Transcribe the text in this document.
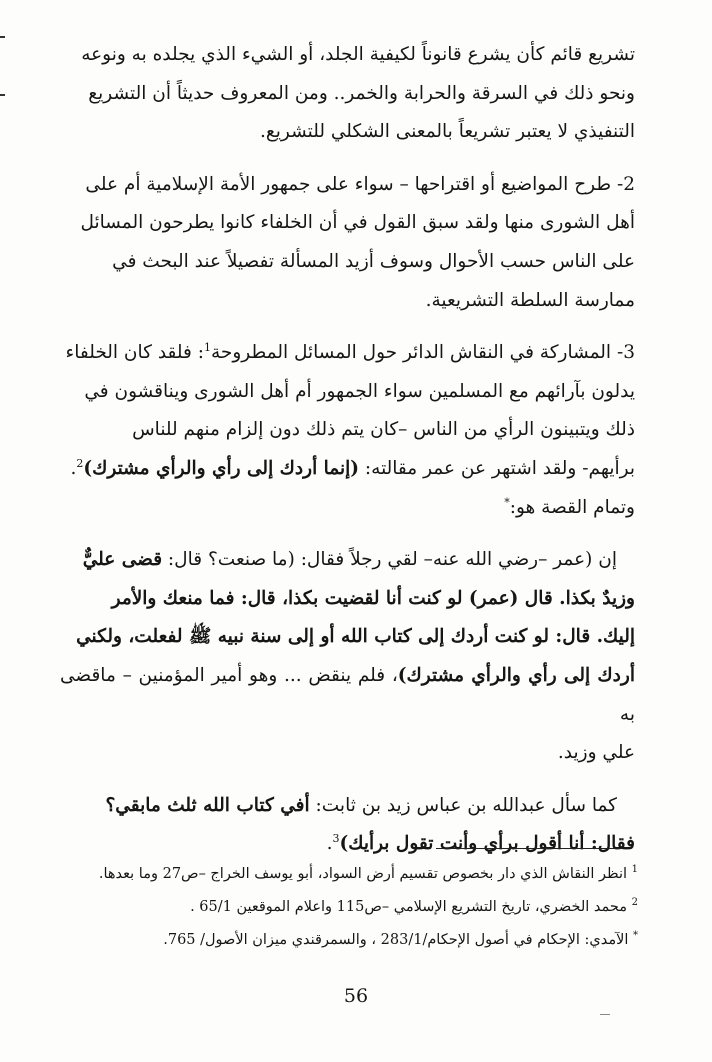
تشريع قائم كأن يشرع قانوناً لكيفية الجلد، أو الشيء الذي يجلده به ونوعه
ونحو ذلك في السرقة والحرابة والخمر.. ومن المعروف حديثاً أن التشريع
التنفيذي لا يعتبر تشريعاً بالمعنى الشكلي للتشريع.
2- طرح المواضيع أو اقتراحها – سواء على جمهور الأمة الإسلامية أم على
أهل الشورى منها ولقد سبق القول في أن الخلفاء كانوا يطرحون المسائل
على الناس حسب الأحوال وسوف أزيد المسألة تفصيلاً عند البحث في
ممارسة السلطة التشريعية.
3- المشاركة في النقاش الدائر حول المسائل المطروحة$^1$: فلقد كان الخلفاء
يدلون بآرائهم مع المسلمين سواء الجمهور أم أهل الشورى ويناقشون في
ذلك ويتبينون الرأي من الناس –كان يتم ذلك دون إلزام منهم للناس
برأيهم- ولقد اشتهر عن عمر مقالته: (إنما أردك إلى رأي والرأي مشترك)$^2$.
وتمام القصة هو:*
إن (عمر –رضي الله عنه– لقي رجلاً فقال: (ما صنعت؟ قال: قضى عليٌّ
وزيدٌ بكذا. قال (عمر) لو كنت أنا لقضيت بكذا، قال: فما منعك والأمر
إليك. قال: لو كنت أردك إلى كتاب الله أو إلى سنة نبيه ﷺ لفعلت، ولكني
أردك إلى رأي والرأي مشترك)، فلم ينقض ... وهو أمير المؤمنين – ماقضى به
علي وزيد.
كما سأل عبدالله بن عباس زيد بن ثابت: أفي كتاب الله ثلث مابقي؟
فقال: أنا أقول برأي وأنت تقول برأيك)$^3$.

$^1$ انظر النقاش الذي دار بخصوص تقسيم أرض السواد، أبو يوسف الخراج –ص27 وما بعدها.

$^2$ محمد الخضري، تاريخ التشريع الإسلامي –ص115 واعلام الموقعين 65/1 .

* الآمدي: الإحكام في أصول الإحكام/283/1 ، والسمرقندي ميزان الأصول/ 765.

56
